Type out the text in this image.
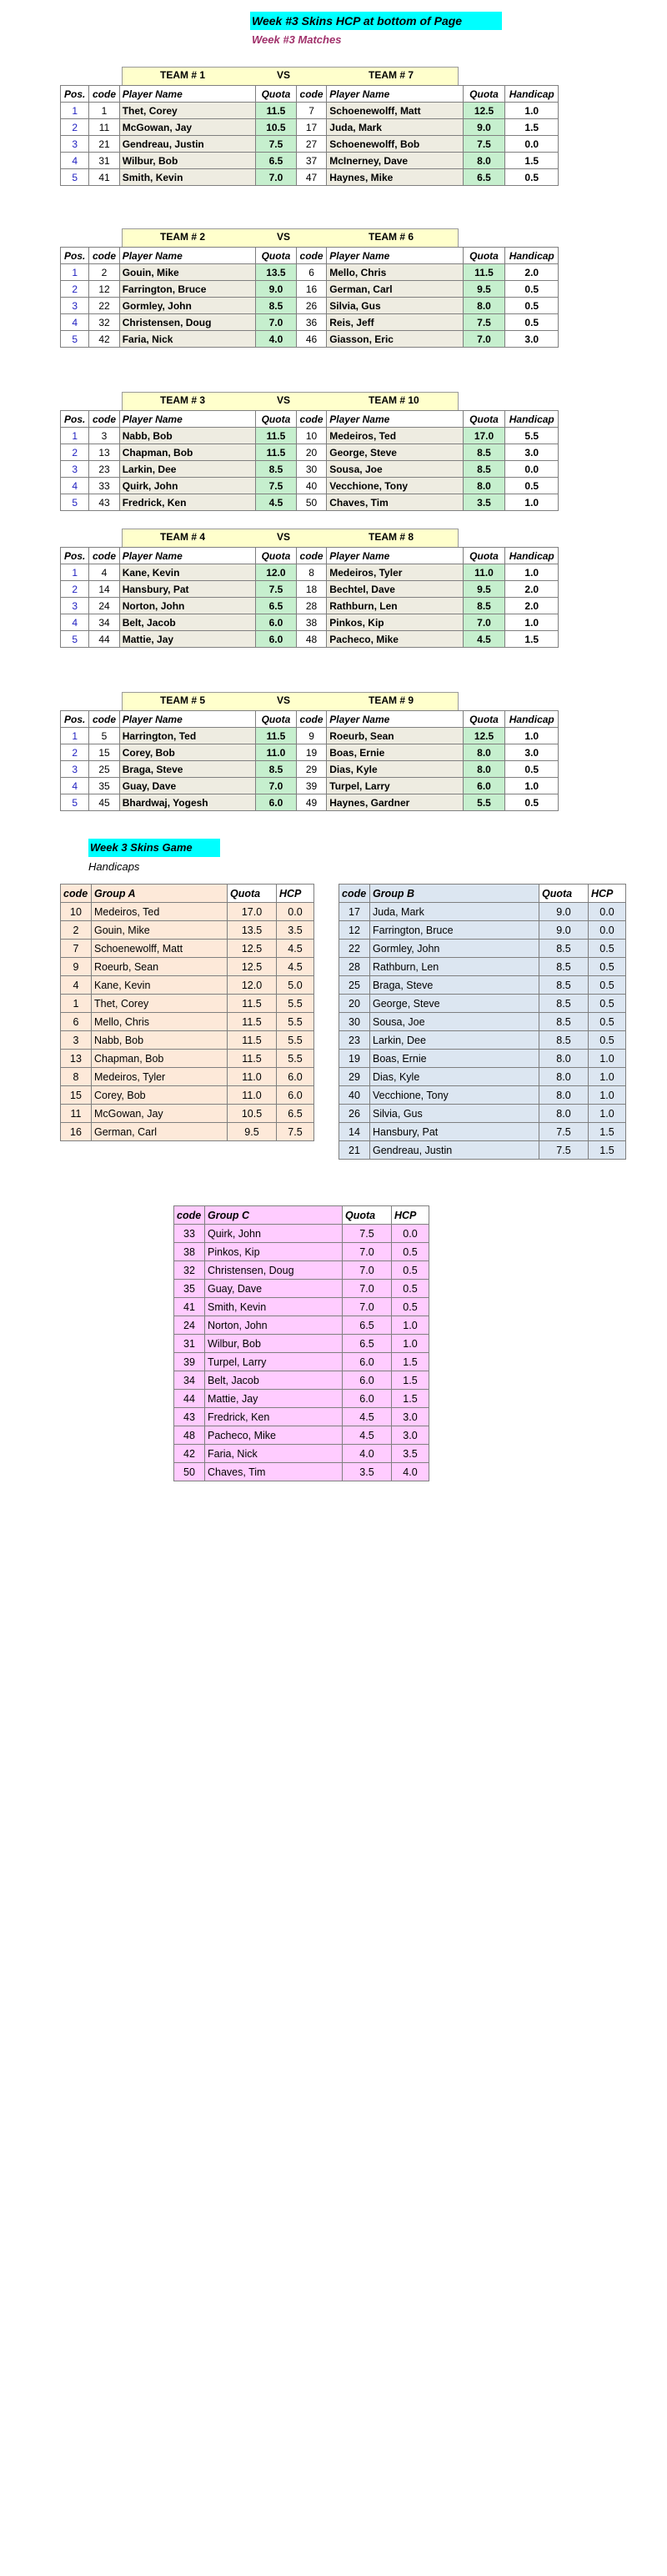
Week #3 Skins HCP at bottom of Page
Week #3 Matches
TEAM # 1	VS	TEAM # 7
Pos.	code	Player Name	Quota	code	Player Name	Quota	Handicap
1	1	Thet, Corey	11.5	7	Schoenewolff, Matt	12.5	1.0
2	11	McGowan, Jay	10.5	17	Juda, Mark	9.0	1.5
3	21	Gendreau, Justin	7.5	27	Schoenewolff, Bob	7.5	0.0
4	31	Wilbur, Bob	6.5	37	McInerney, Dave	8.0	1.5
5	41	Smith, Kevin	7.0	47	Haynes, Mike	6.5	0.5
TEAM # 2	VS	TEAM # 6
Pos.	code	Player Name	Quota	code	Player Name	Quota	Handicap
1	2	Gouin, Mike	13.5	6	Mello, Chris	11.5	2.0
2	12	Farrington, Bruce	9.0	16	German, Carl	9.5	0.5
3	22	Gormley, John	8.5	26	Silvia, Gus	8.0	0.5
4	32	Christensen, Doug	7.0	36	Reis, Jeff	7.5	0.5
5	42	Faria, Nick	4.0	46	Giasson, Eric	7.0	3.0
TEAM # 3	VS	TEAM # 10
Pos.	code	Player Name	Quota	code	Player Name	Quota	Handicap
1	3	Nabb, Bob	11.5	10	Medeiros, Ted	17.0	5.5
2	13	Chapman, Bob	11.5	20	George, Steve	8.5	3.0
3	23	Larkin, Dee	8.5	30	Sousa, Joe	8.5	0.0
4	33	Quirk, John	7.5	40	Vecchione, Tony	8.0	0.5
5	43	Fredrick, Ken	4.5	50	Chaves, Tim	3.5	1.0
TEAM # 4	VS	TEAM # 8
Pos.	code	Player Name	Quota	code	Player Name	Quota	Handicap
1	4	Kane, Kevin	12.0	8	Medeiros, Tyler	11.0	1.0
2	14	Hansbury, Pat	7.5	18	Bechtel, Dave	9.5	2.0
3	24	Norton, John	6.5	28	Rathburn, Len	8.5	2.0
4	34	Belt, Jacob	6.0	38	Pinkos, Kip	7.0	1.0
5	44	Mattie, Jay	6.0	48	Pacheco, Mike	4.5	1.5
TEAM # 5	VS	TEAM # 9
Pos.	code	Player Name	Quota	code	Player Name	Quota	Handicap
1	5	Harrington, Ted	11.5	9	Roeurb, Sean	12.5	1.0
2	15	Corey, Bob	11.0	19	Boas, Ernie	8.0	3.0
3	25	Braga, Steve	8.5	29	Dias, Kyle	8.0	0.5
4	35	Guay, Dave	7.0	39	Turpel, Larry	6.0	1.0
5	45	Bhardwaj, Yogesh	6.0	49	Haynes, Gardner	5.5	0.5
Week 3 Skins Game
Handicaps
code	Group A	Quota	HCP
10	Medeiros, Ted	17.0	0.0
2	Gouin, Mike	13.5	3.5
7	Schoenewolff, Matt	12.5	4.5
9	Roeurb, Sean	12.5	4.5
4	Kane, Kevin	12.0	5.0
1	Thet, Corey	11.5	5.5
6	Mello, Chris	11.5	5.5
3	Nabb, Bob	11.5	5.5
13	Chapman, Bob	11.5	5.5
8	Medeiros, Tyler	11.0	6.0
15	Corey, Bob	11.0	6.0
11	McGowan, Jay	10.5	6.5
16	German, Carl	9.5	7.5
code	Group B	Quota	HCP
17	Juda, Mark	9.0	0.0
12	Farrington, Bruce	9.0	0.0
22	Gormley, John	8.5	0.5
28	Rathburn, Len	8.5	0.5
25	Braga, Steve	8.5	0.5
20	George, Steve	8.5	0.5
30	Sousa, Joe	8.5	0.5
23	Larkin, Dee	8.5	0.5
19	Boas, Ernie	8.0	1.0
29	Dias, Kyle	8.0	1.0
40	Vecchione, Tony	8.0	1.0
26	Silvia, Gus	8.0	1.0
14	Hansbury, Pat	7.5	1.5
21	Gendreau, Justin	7.5	1.5
code	Group C	Quota	HCP
33	Quirk, John	7.5	0.0
38	Pinkos, Kip	7.0	0.5
32	Christensen, Doug	7.0	0.5
35	Guay, Dave	7.0	0.5
41	Smith, Kevin	7.0	0.5
24	Norton, John	6.5	1.0
31	Wilbur, Bob	6.5	1.0
39	Turpel, Larry	6.0	1.5
34	Belt, Jacob	6.0	1.5
44	Mattie, Jay	6.0	1.5
43	Fredrick, Ken	4.5	3.0
48	Pacheco, Mike	4.5	3.0
42	Faria, Nick	4.0	3.5
50	Chaves, Tim	3.5	4.0
